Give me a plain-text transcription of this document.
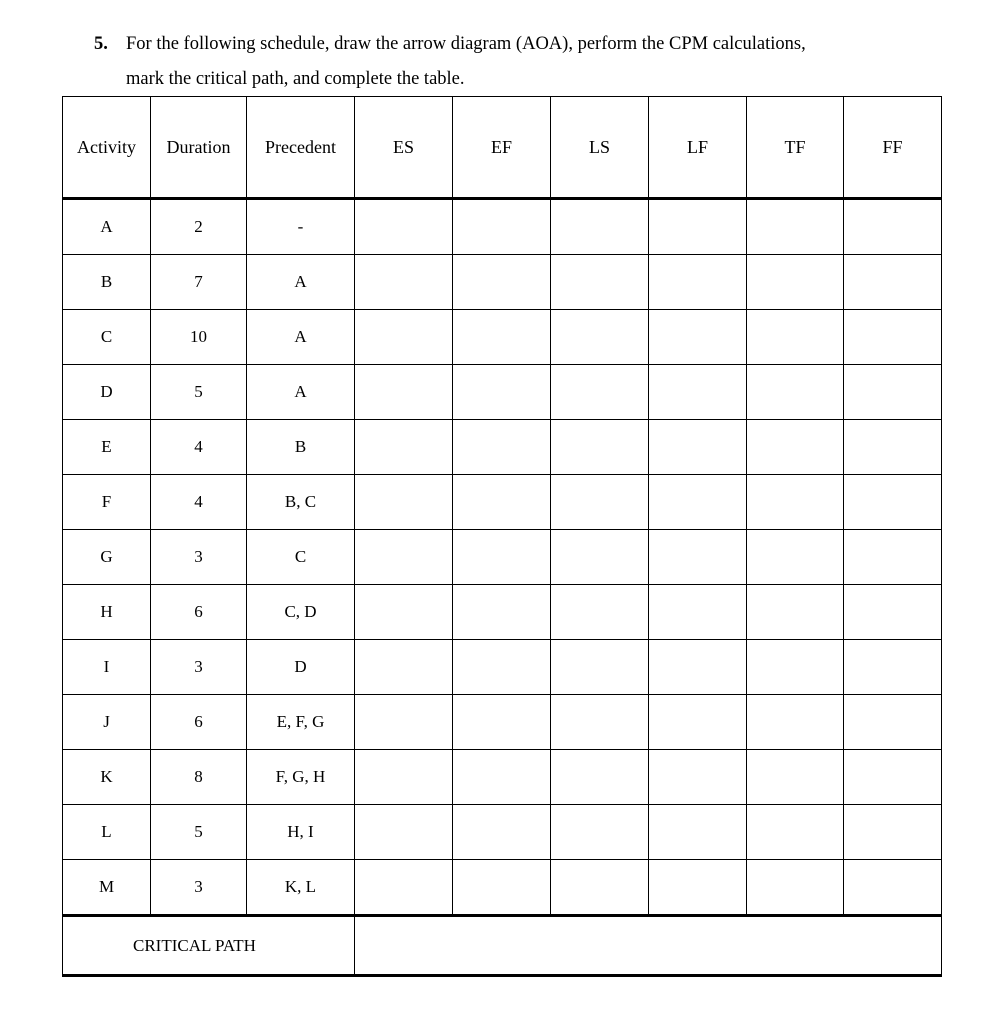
5. For the following schedule, draw the arrow diagram (AOA), perform the CPM calculations,
mark the critical path, and complete the table.
Activity	Duration	Precedent	ES	EF	LS	LF	TF	FF
A	2	-						
B	7	A						
C	10	A						
D	5	A						
E	4	B						
F	4	B, C						
G	3	C						
H	6	C, D						
I	3	D						
J	6	E, F, G						
K	8	F, G, H						
L	5	H, I						
M	3	K, L						
CRITICAL PATH								
